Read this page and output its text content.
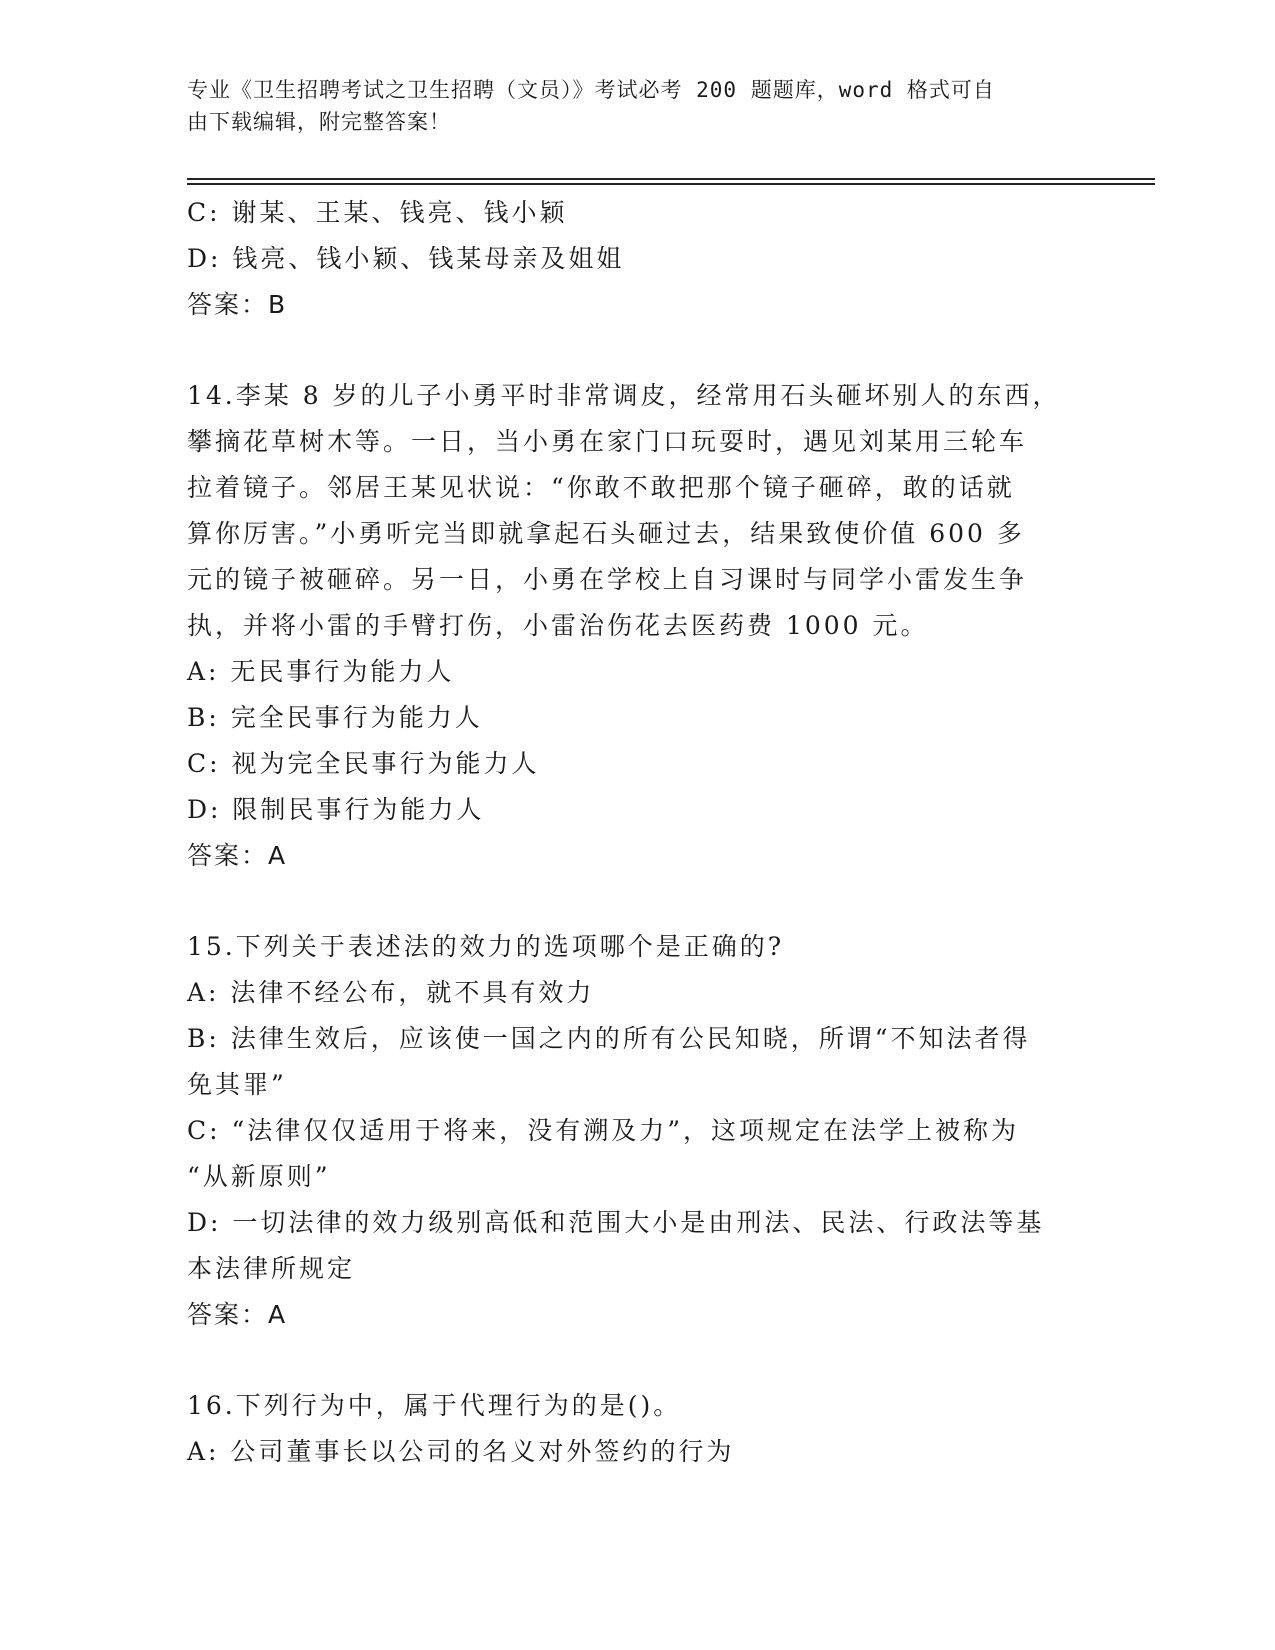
专业《卫生招聘考试之卫生招聘（文员）》考试必考 200 题题库，word 格式可自
由下载编辑，附完整答案！
C: 谢某、王某、钱亮、钱小颖
D: 钱亮、钱小颖、钱某母亲及姐姐
答案：B
14.李某 8 岁的儿子小勇平时非常调皮，经常用石头砸坏别人的东西，
攀摘花草树木等。一日，当小勇在家门口玩耍时，遇见刘某用三轮车
拉着镜子。邻居王某见状说：“你敢不敢把那个镜子砸碎，敢的话就
算你厉害。”小勇听完当即就拿起石头砸过去，结果致使价值 600 多
元的镜子被砸碎。另一日，小勇在学校上自习课时与同学小雷发生争
执，并将小雷的手臂打伤，小雷治伤花去医药费 1000 元。
A: 无民事行为能力人
B: 完全民事行为能力人
C: 视为完全民事行为能力人
D: 限制民事行为能力人
答案：A
15.下列关于表述法的效力的选项哪个是正确的?
A: 法律不经公布，就不具有效力
B: 法律生效后，应该使一国之内的所有公民知晓，所谓“不知法者得
免其罪”
C: “法律仅仅适用于将来，没有溯及力”，这项规定在法学上被称为
“从新原则”
D: 一切法律的效力级别高低和范围大小是由刑法、民法、行政法等基
本法律所规定
答案：A
16.下列行为中，属于代理行为的是()。
A: 公司董事长以公司的名义对外签约的行为
